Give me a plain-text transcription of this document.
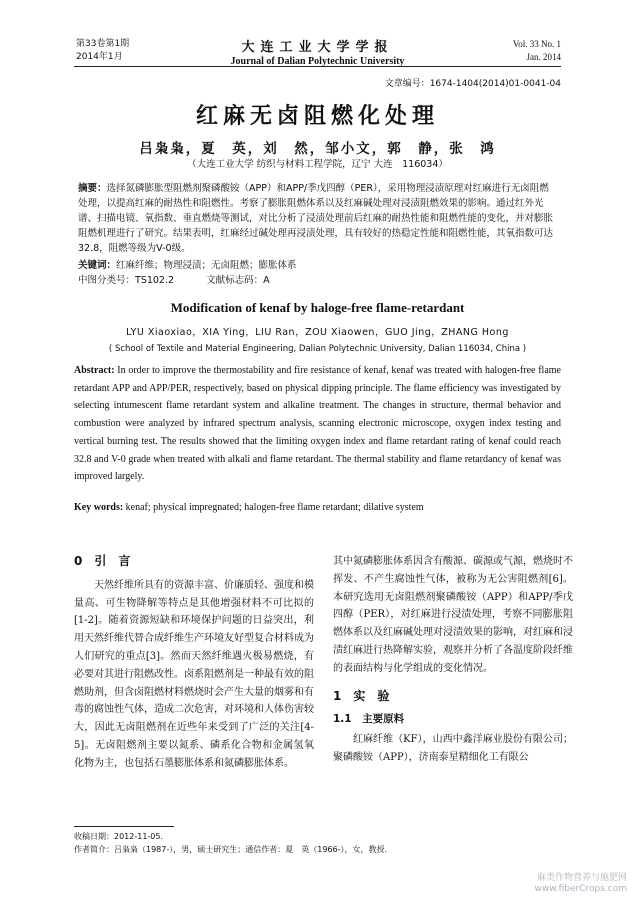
第33卷第1期
2014年1月
大连工业大学学报
Journal of Dalian Polytechnic University
Vol. 33 No. 1
Jan. 2014
文章编号：1674-1404(2014)01-0041-04
红麻无卤阻燃化处理
吕枭枭，夏　英，刘　然，邹小文，郭　静，张　鸿
（大连工业大学 纺织与材料工程学院，辽宁 大连　116034）
摘要：选择氮磷膨胀型阻燃剂聚磷酸铵（APP）和APP/季戊四醇（PER），采用物理浸渍原理对红麻进行无卤阻燃处理，以提高红麻的耐热性和阻燃性。考察了膨胀阻燃体系以及红麻碱处理对浸渍阻燃效果的影响。通过红外光谱、扫描电镜、氧指数、垂直燃烧等测试，对比分析了浸渍处理前后红麻的耐热性能和阻燃性能的变化，并对膨胀阻燃机理进行了研究。结果表明，红麻经过碱处理再浸渍处理，具有较好的热稳定性能和阻燃性能，其氧指数可达32.8，阻燃等级为V-0级。
关键词：红麻纤维；物理浸渍；无卤阻燃；膨胀体系
中图分类号：TS102.2	文献标志码：A
Modification of kenaf by haloge-free flame-retardant
LYU Xiaoxiao，XIA Ying，LIU Ran，ZOU Xiaowen，GUO Jing，ZHANG Hong
( School of Textile and Material Engineering, Dalian Polytechnic University, Dalian 116034, China )
Abstract: In order to improve the thermostability and fire resistance of kenaf, kenaf was treated with halogen-free flame retardant APP and APP/PER, respectively, based on physical dipping principle. The flame efficiency was investigated by selecting intumescent flame retardant system and alkaline treatment. The changes in structure, thermal behavior and combustion were analyzed by infrared spectrum analysis, scanning electronic microscope, oxygen index testing and vertical burning test. The results showed that the limiting oxygen index and flame retardant rating of kenaf could reach 32.8 and V-0 grade when treated with alkali and flame retardant. The thermal stability and flame retardancy of kenaf was improved largely.
Key words: kenaf; physical impregnated; halogen-free flame retardant; dilative system
0　引　言

天然纤维所具有的资源丰富、价廉质轻、强度和模量高、可生物降解等特点是其他增强材料不可比拟的[1-2]。随着资源短缺和环境保护问题的日益突出，利用天然纤维代替合成纤维生产环境友好型复合材料成为人们研究的重点[3]。然而天然纤维遇火极易燃烧，有必要对其进行阻燃改性。卤系阻燃剂是一种最有效的阻燃助剂，但含卤阻燃材料燃烧时会产生大量的烟雾和有毒的腐蚀性气体，造成二次危害，对环境和人体伤害较大，因此无卤阻燃剂在近些年来受到了广泛的关注[4-5]。无卤阻燃剂主要以氮系、磷系化合物和金属氢氧化物为主，也包括石墨膨胀体系和氮磷膨胀体系。

其中氮磷膨胀体系因含有酸源、碳源或气源，燃烧时不挥发、不产生腐蚀性气体，被称为无公害阻燃剂[6]。本研究选用无卤阻燃剂聚磷酸铵（APP）和APP/季戊四醇（PER），对红麻进行浸渍处理，考察不同膨胀阻燃体系以及红麻碱处理对浸渍效果的影响，对红麻和浸渍红麻进行热降解实验，观察并分析了各温度阶段纤维的表面结构与化学组成的变化情况。

1　实　验
1.1　主要原料

红麻纤维（KF），山西中鑫洋麻业股份有限公司；聚磷酸铵（APP），济南泰星精细化工有限公

收稿日期：2012-11-05.
作者简介：吕枭枭（1987-），男，硕士研究生；通信作者：夏　英（1966-），女，教授.
麻类作物营养与施肥网
www.fiberCrops.com
